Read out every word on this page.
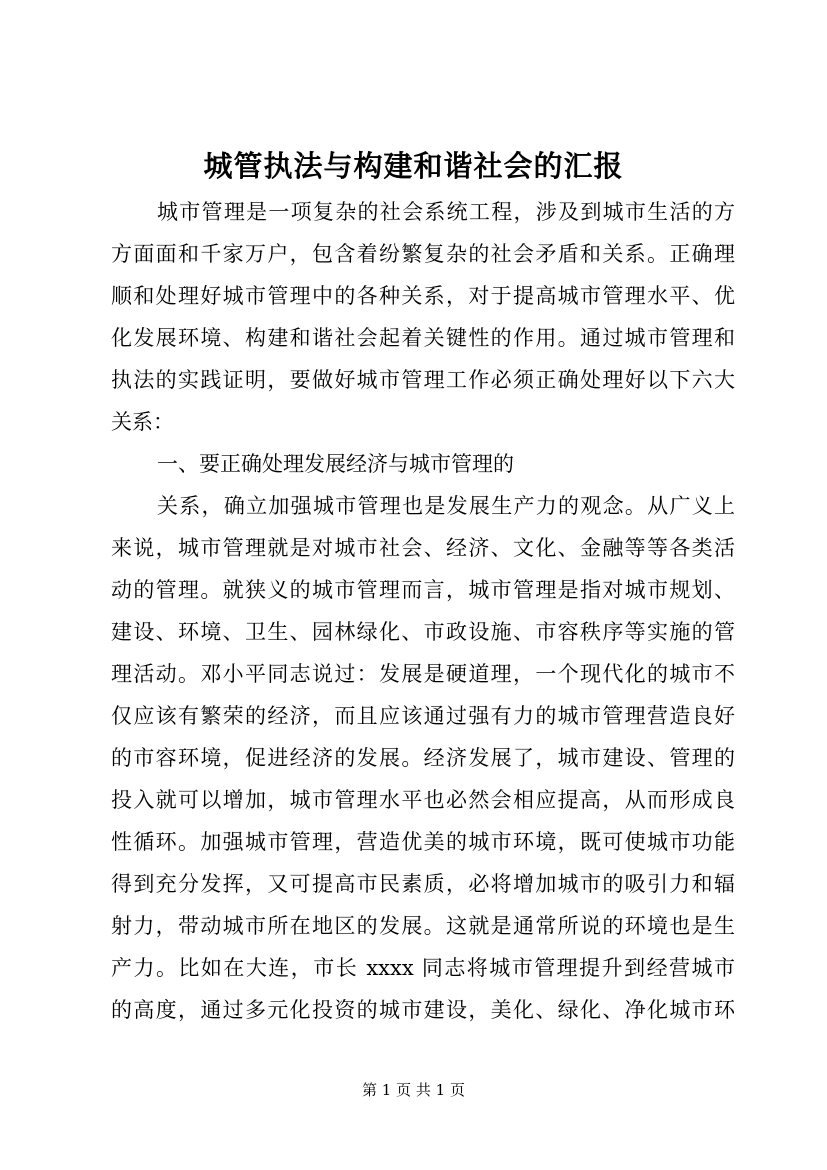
城管执法与构建和谐社会的汇报

城市管理是一项复杂的社会系统工程，涉及到城市生活的方

方面面和千家万户，包含着纷繁复杂的社会矛盾和关系。正确理

顺和处理好城市管理中的各种关系，对于提高城市管理水平、优

化发展环境、构建和谐社会起着关键性的作用。通过城市管理和

执法的实践证明，要做好城市管理工作必须正确处理好以下六大

关系：

一、要正确处理发展经济与城市管理的

关系，确立加强城市管理也是发展生产力的观念。从广义上

来说，城市管理就是对城市社会、经济、文化、金融等等各类活

动的管理。就狭义的城市管理而言，城市管理是指对城市规划、

建设、环境、卫生、园林绿化、市政设施、市容秩序等实施的管

理活动。邓小平同志说过：发展是硬道理，一个现代化的城市不

仅应该有繁荣的经济，而且应该通过强有力的城市管理营造良好

的市容环境，促进经济的发展。经济发展了，城市建设、管理的

投入就可以增加，城市管理水平也必然会相应提高，从而形成良

性循环。加强城市管理，营造优美的城市环境，既可使城市功能

得到充分发挥，又可提高市民素质，必将增加城市的吸引力和辐

射力，带动城市所在地区的发展。这就是通常所说的环境也是生

产力。比如在大连，市长 xxxx 同志将城市管理提升到经营城市

的高度，通过多元化投资的城市建设，美化、绿化、净化城市环

第 1 页 共 1 页
